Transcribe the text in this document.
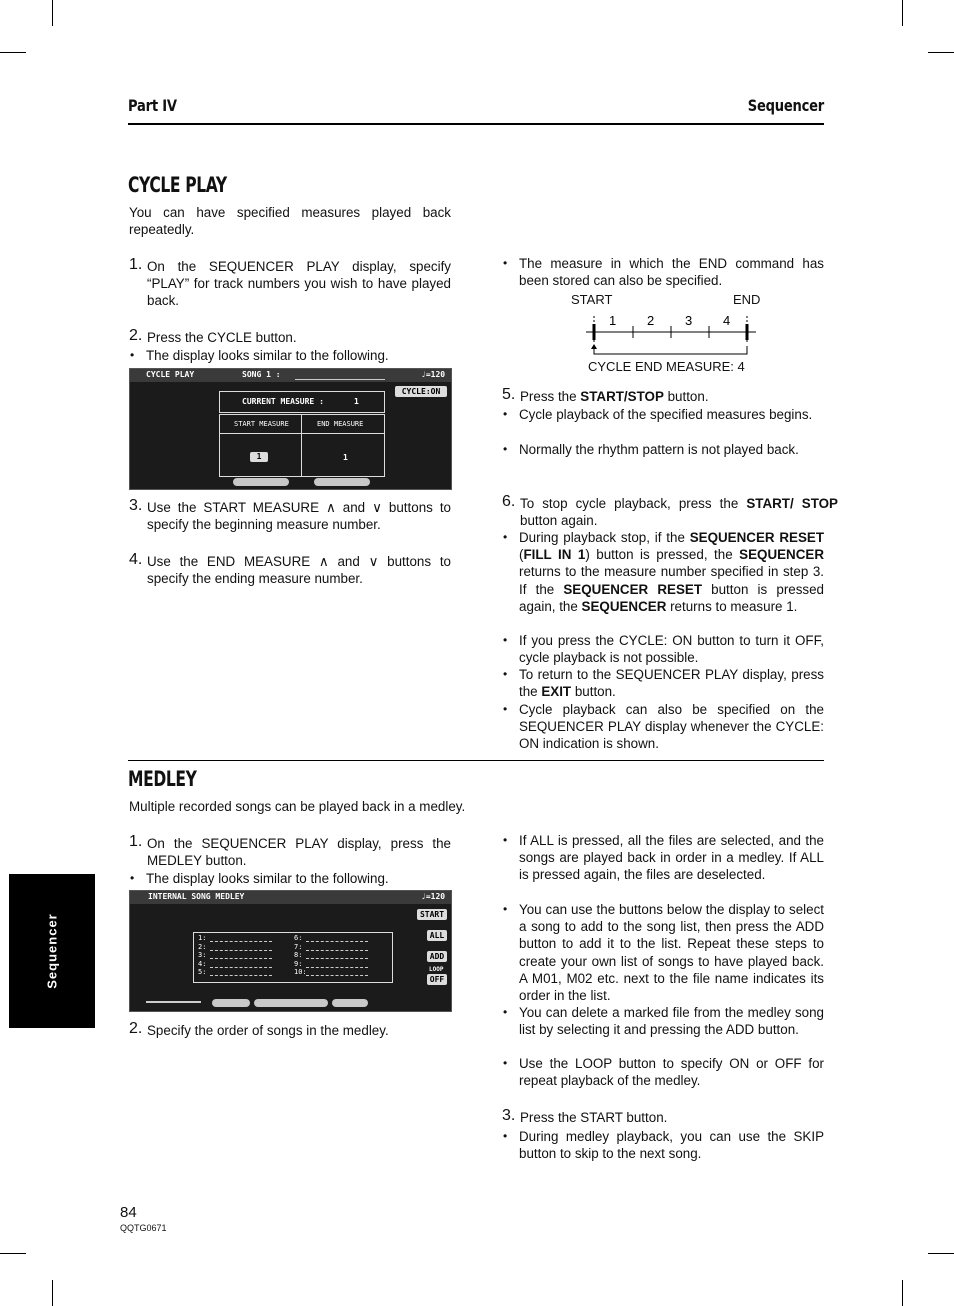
Part IV	Sequencer
CYCLE PLAY
You can have specified measures played back repeatedly.
1. On the SEQUENCER PLAY display, specify “PLAY” for track numbers you wish to have played back.
2. Press the CYCLE button.
• The display looks similar to the following.
CYCLE PLAY	SONG 1 :	♩=120
CYCLE:ON
CURRENT MEASURE :	1
START MEASURE	END MEASURE
1	1
3. Use the START MEASURE ∧ and ∨ buttons to specify the beginning measure number.
4. Use the END MEASURE ∧ and ∨ buttons to specify the ending measure number.
• The measure in which the END command has been stored can also be specified.
START	END
1 2 3 4
CYCLE END MEASURE: 4
5. Press the START/STOP button.
• Cycle playback of the specified measures begins.
• Normally the rhythm pattern is not played back.
6. To stop cycle playback, press the START/ STOP button again.
• During playback stop, if the SEQUENCER RESET (FILL IN 1) button is pressed, the SEQUENCER returns to the measure number specified in step 3. If the SEQUENCER RESET button is pressed again, the SEQUENCER returns to measure 1.
• If you press the CYCLE: ON button to turn it OFF, cycle playback is not possible.
• To return to the SEQUENCER PLAY display, press the EXIT button.
• Cycle playback can also be specified on the SEQUENCER PLAY display whenever the CYCLE: ON indication is shown.
MEDLEY
Multiple recorded songs can be played back in a medley.
1. On the SEQUENCER PLAY display, press the MEDLEY button.
• The display looks similar to the following.
INTERNAL SONG MEDLEY	♩=120
START
ALL
ADD
LOOP
OFF
1:
2:
3:
4:
5:
6:
7:
8:
9:
10:
2. Specify the order of songs in the medley.
• If ALL is pressed, all the files are selected, and the songs are played back in order in a medley. If ALL is pressed again, the files are deselected.
• You can use the buttons below the display to select a song to add to the song list, then press the ADD button to add it to the list. Repeat these steps to create your own list of songs to have played back. A M01, M02 etc. next to the file name indicates its order in the list.
• You can delete a marked file from the medley song list by selecting it and pressing the ADD button.
• Use the LOOP button to specify ON or OFF for repeat playback of the medley.
3. Press the START button.
• During medley playback, you can use the SKIP button to skip to the next song.
Sequencer
84
QQTG0671
